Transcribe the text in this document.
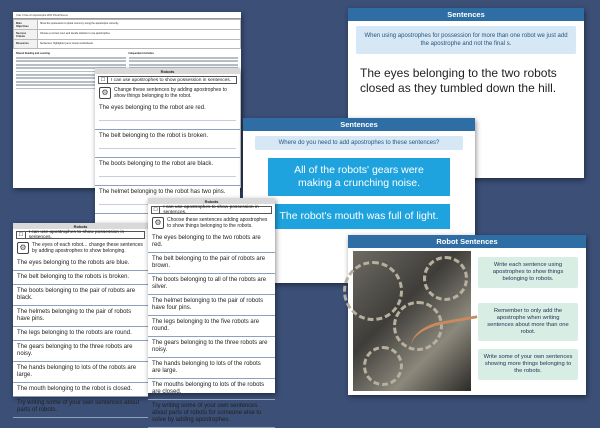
Year 3 Use An Apostrophe With Plural Nouns
Main Objectives	Show the possession to plural nouns by using the apostrophe correctly.
Success Criteria	Choose a correct noun and decide whether to use apostrophes.
Resources	Sentences; highlighter pens; lesson worksheets.
Shared Reading and Learning	Independent Activities
Robots
☐	I can use apostrophes to show possession in sentences.
⚙	Change these sentences by adding apostrophes to show things belonging to the robot.
The eyes belonging to the robot are red.
The belt belonging to the robot is broken.
The boots belonging to the robot are black.
The helmet belonging to the robot has two pins.
Sentences
When using apostrophes for possession for more than one robot we just add the apostrophe and not the final s.
The eyes belonging to the two robots closed as they tumbled down the hill.
Sentences
Where do you need to add apostrophes to these sentences?
All of the robots' gears were making a crunching noise.
The robot's mouth was full of light.
Robots
☐	I can use apostrophes to show possession in sentences.
⚙	The eyes of each robot... change these sentences by adding apostrophes to show belonging.
The eyes belonging to the robots are blue.
The belt belonging to the robots is broken.
The boots belonging to the pair of robots are black.
The helmets belonging to the pair of robots have pins.
The legs belonging to the robots are round.
The gears belonging to the three robots are noisy.
The hands belonging to lots of the robots are large.
The mouth belonging to the robot is closed.
Try writing some of your own sentences about parts of robots.
Robots
☐	I can use apostrophes to show possession in sentences.
⚙	Choose these sentences adding apostrophes to show things belonging to the robots.
The eyes belonging to the two robots are red.
The belt belonging to the pair of robots are brown.
The boots belonging to all of the robots are silver.
The helmet belonging to the pair of robots have four pins.
The legs belonging to the five robots are round.
The gears belonging to the three robots are noisy.
The hands belonging to lots of the robots are large.
The mouths belonging to lots of the robots are closed.
Try writing some of your own sentences about parts of robots for someone else to solve by adding apostrophes.
Robot Sentences
Write each sentence using apostrophes to show things belonging to robots.
Remember to only add the apostrophe when writing sentences about more than one robot.
Write some of your own sentences showing more things belonging to the robots.
